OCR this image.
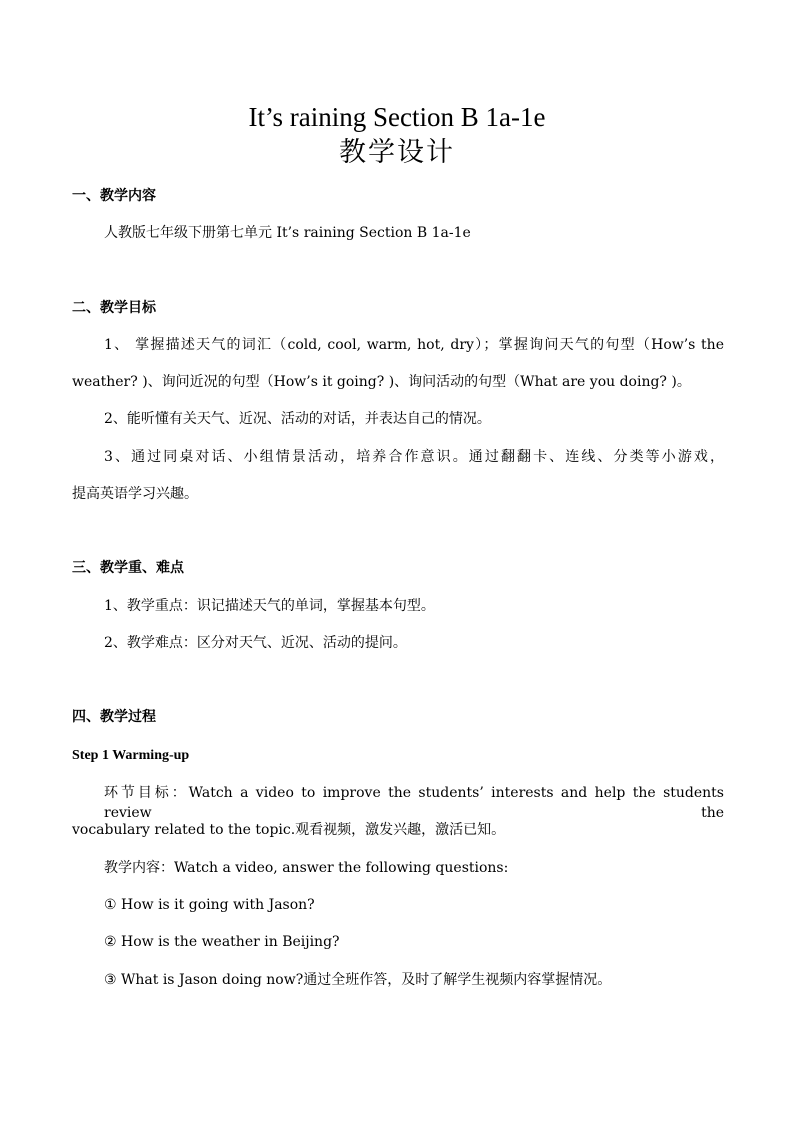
It’s raining Section B 1a-1e
教学设计
一、教学内容
人教版七年级下册第七单元 It’s raining Section B 1a-1e
二、教学目标
1、 掌握描述天气的词汇（cold, cool, warm, hot, dry）；掌握询问天气的句型（How’s the
weather? )、询问近况的句型（How’s it going? )、询问活动的句型（What are you doing? )。
2、能听懂有关天气、近况、活动的对话，并表达自己的情况。
3、通过同桌对话、小组情景活动，培养合作意识。通过翻翻卡、连线、分类等小游戏，
提高英语学习兴趣。
三、教学重、难点
1、教学重点：识记描述天气的单词，掌握基本句型。
2、教学难点：区分对天气、近况、活动的提问。
四、教学过程
Step 1 Warming-up
环节目标：Watch a video to improve the students’ interests and help the students review the
vocabulary related to the topic.观看视频，激发兴趣，激活已知。
教学内容：Watch a video, answer the following questions:
① How is it going with Jason?
② How is the weather in Beijing?
③ What is Jason doing now?通过全班作答，及时了解学生视频内容掌握情况。
